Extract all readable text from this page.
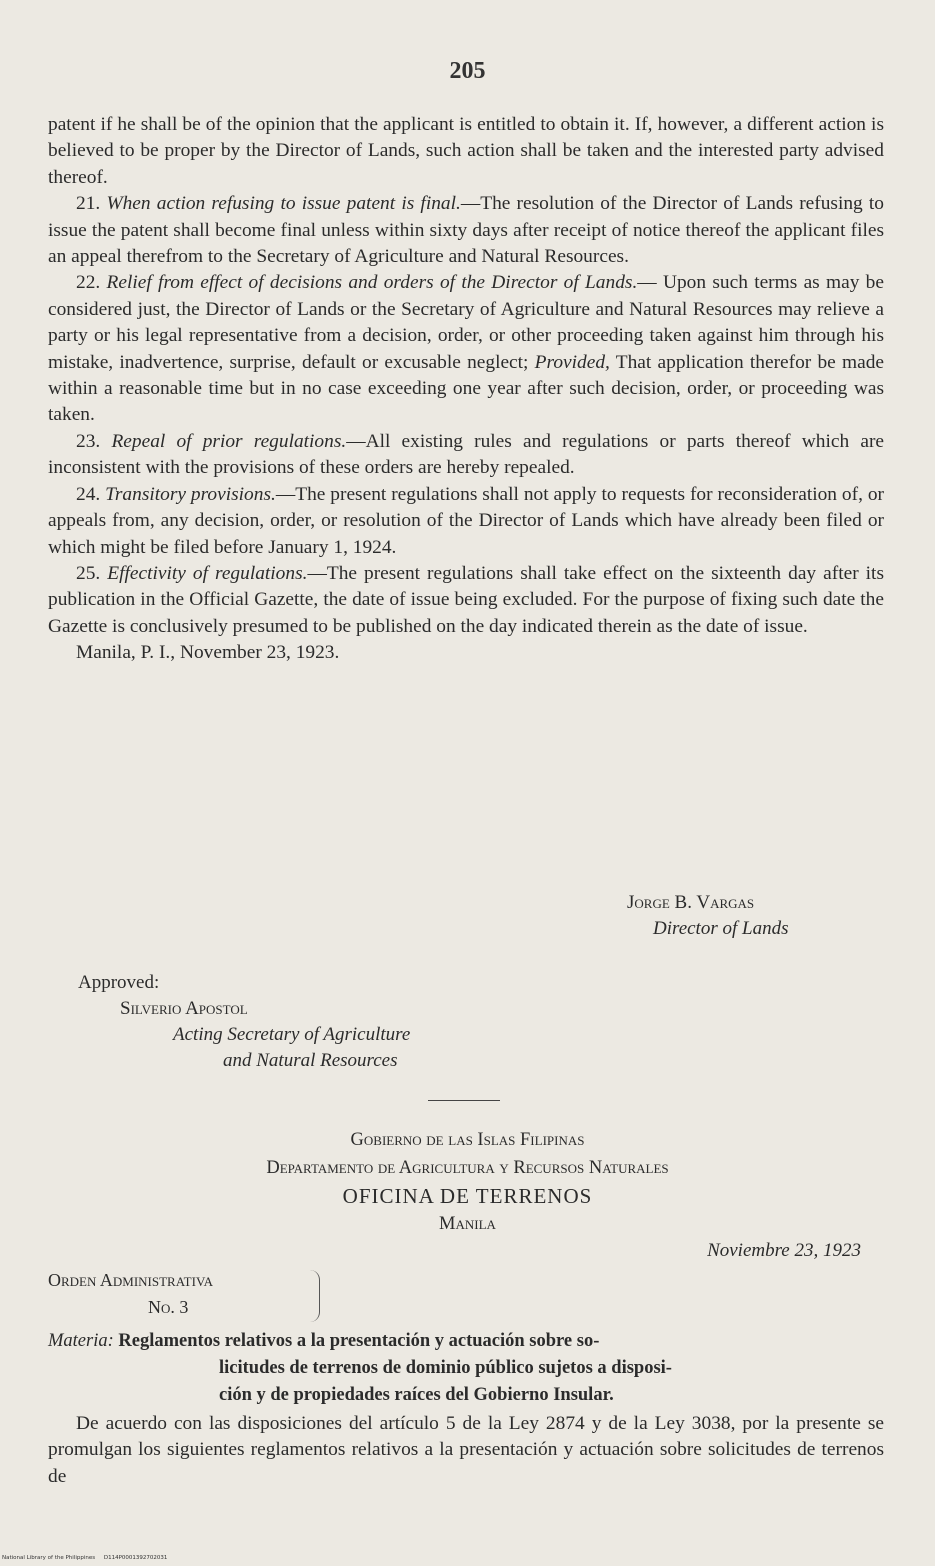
205

patent if he shall be of the opinion that the applicant is entitled to obtain it. If, however, a different action is believed to be proper by the Director of Lands, such action shall be taken and the interested party advised thereof.

21. When action refusing to issue patent is final.—The resolution of the Director of Lands refusing to issue the patent shall become final unless within sixty days after receipt of notice thereof the applicant files an appeal therefrom to the Secretary of Agriculture and Natural Resources.

22. Relief from effect of decisions and orders of the Director of Lands.— Upon such terms as may be considered just, the Director of Lands or the Secretary of Agriculture and Natural Resources may relieve a party or his legal representative from a decision, order, or other proceeding taken against him through his mistake, inadvertence, surprise, default or excusable neglect; Provided, That application therefor be made within a reasonable time but in no case exceeding one year after such decision, order, or proceeding was taken.

23. Repeal of prior regulations.—All existing rules and regulations or parts thereof which are inconsistent with the provisions of these orders are hereby repealed.

24. Transitory provisions.—The present regulations shall not apply to requests for reconsideration of, or appeals from, any decision, order, or resolution of the Director of Lands which have already been filed or which might be filed before January 1, 1924.

25. Effectivity of regulations.—The present regulations shall take effect on the sixteenth day after its publication in the Official Gazette, the date of issue being excluded. For the purpose of fixing such date the Gazette is conclusively presumed to be published on the day indicated therein as the date of issue.

Manila, P. I., November 23, 1923.

Jorge B. Vargas
Director of Lands
Approved:
Silverio Apostol
Acting Secretary of Agriculture
and Natural Resources
Gobierno de las Islas Filipinas
Departamento de Agricultura y Recursos Naturales
OFICINA DE TERRENOS
Manila
Noviembre 23, 1923
Orden Administrativa
No. 3
Materia: Reglamentos relativos a la presentación y actuación sobre so-
licitudes de terrenos de dominio público sujetos a disposi-
ción y de propiedades raíces del Gobierno Insular.
De acuerdo con las disposiciones del artículo 5 de la Ley 2874 y de la Ley 3038, por la presente se promulgan los siguientes reglamentos relativos a la presentación y actuación sobre solicitudes de terrenos de
National Library of the Philippines     D114P0001392702031
